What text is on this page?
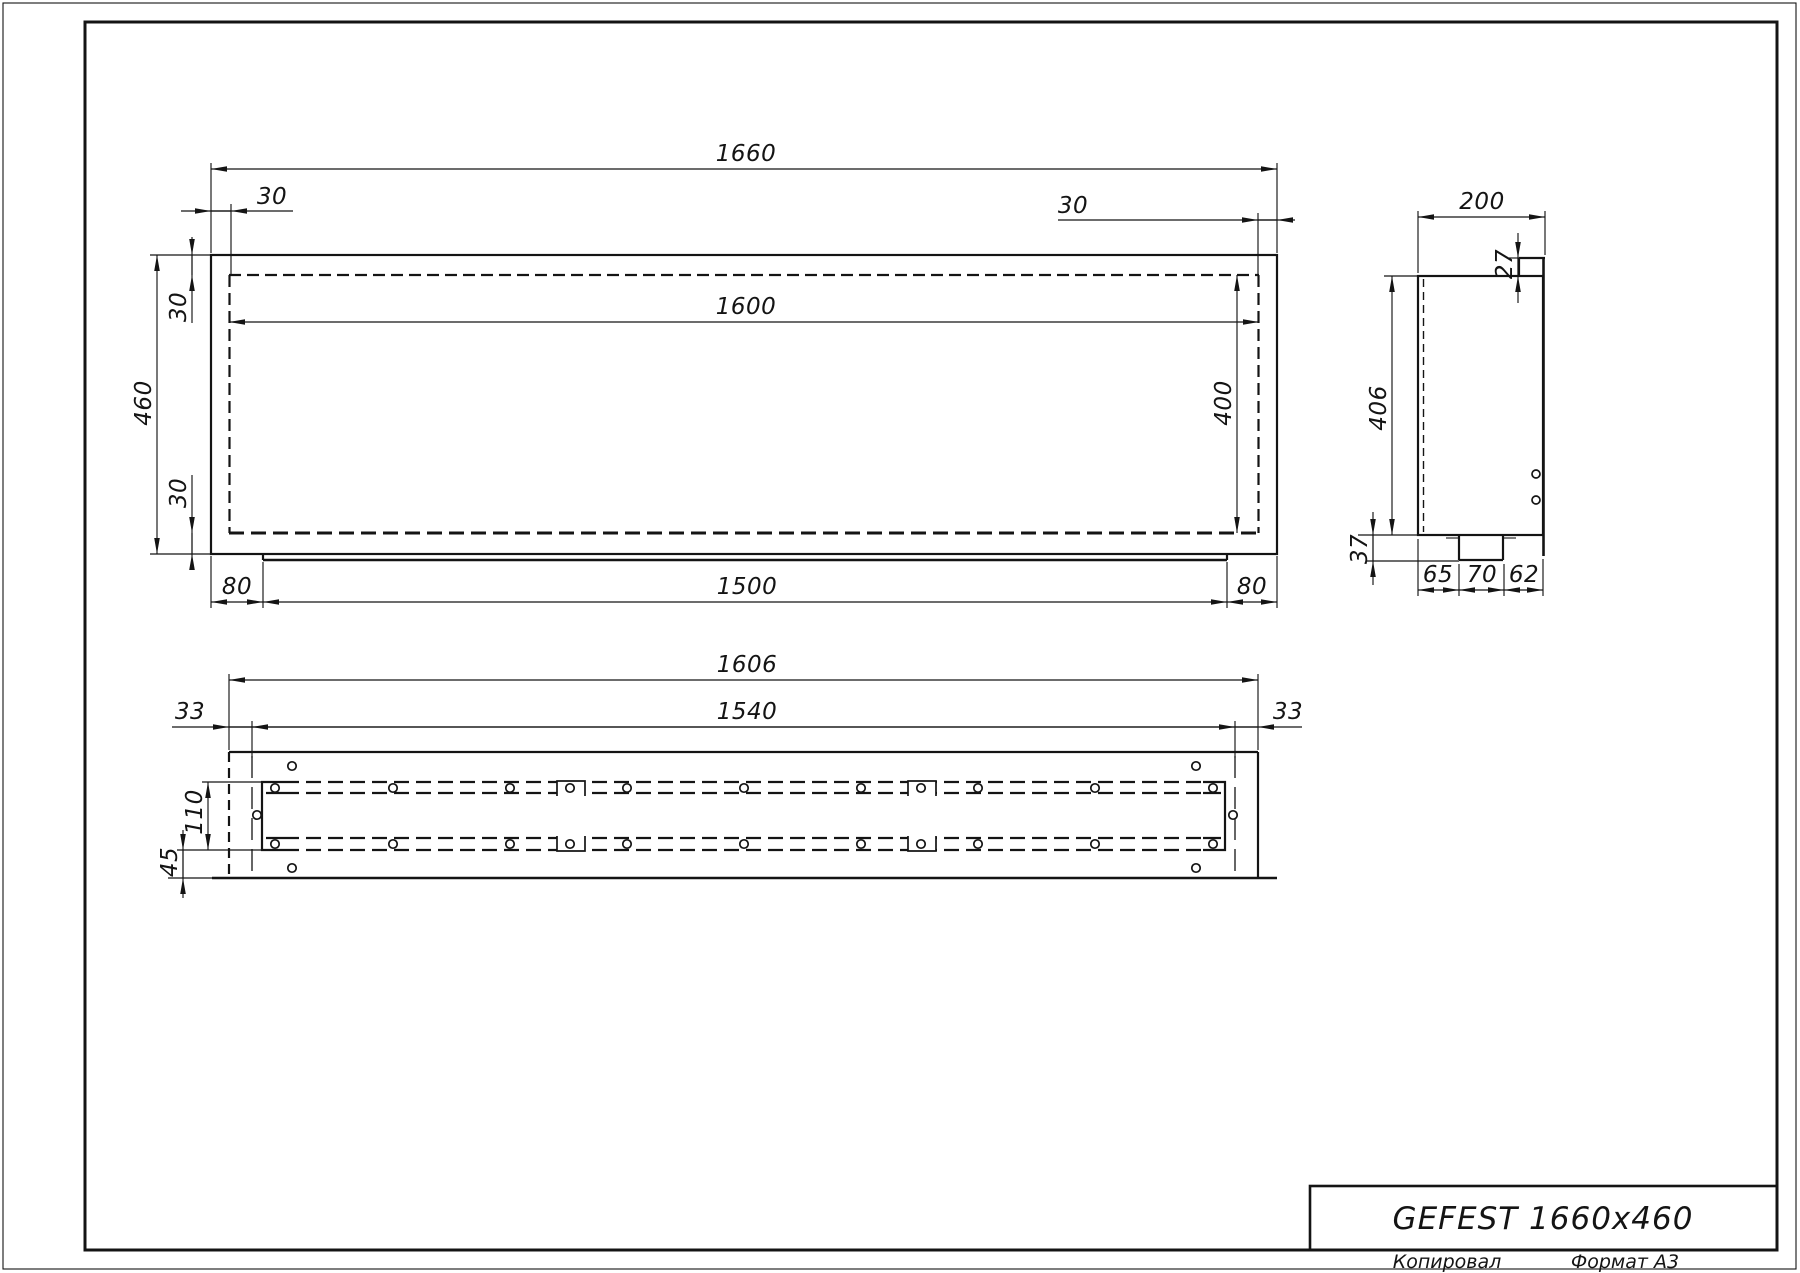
1660
30	30
30
460
30
1600
400
80	1500	80
200
27
406
37
65 70 62
1606
33	1540	33
110
45
GEFEST 1660x460
Копировал	Формат А3
